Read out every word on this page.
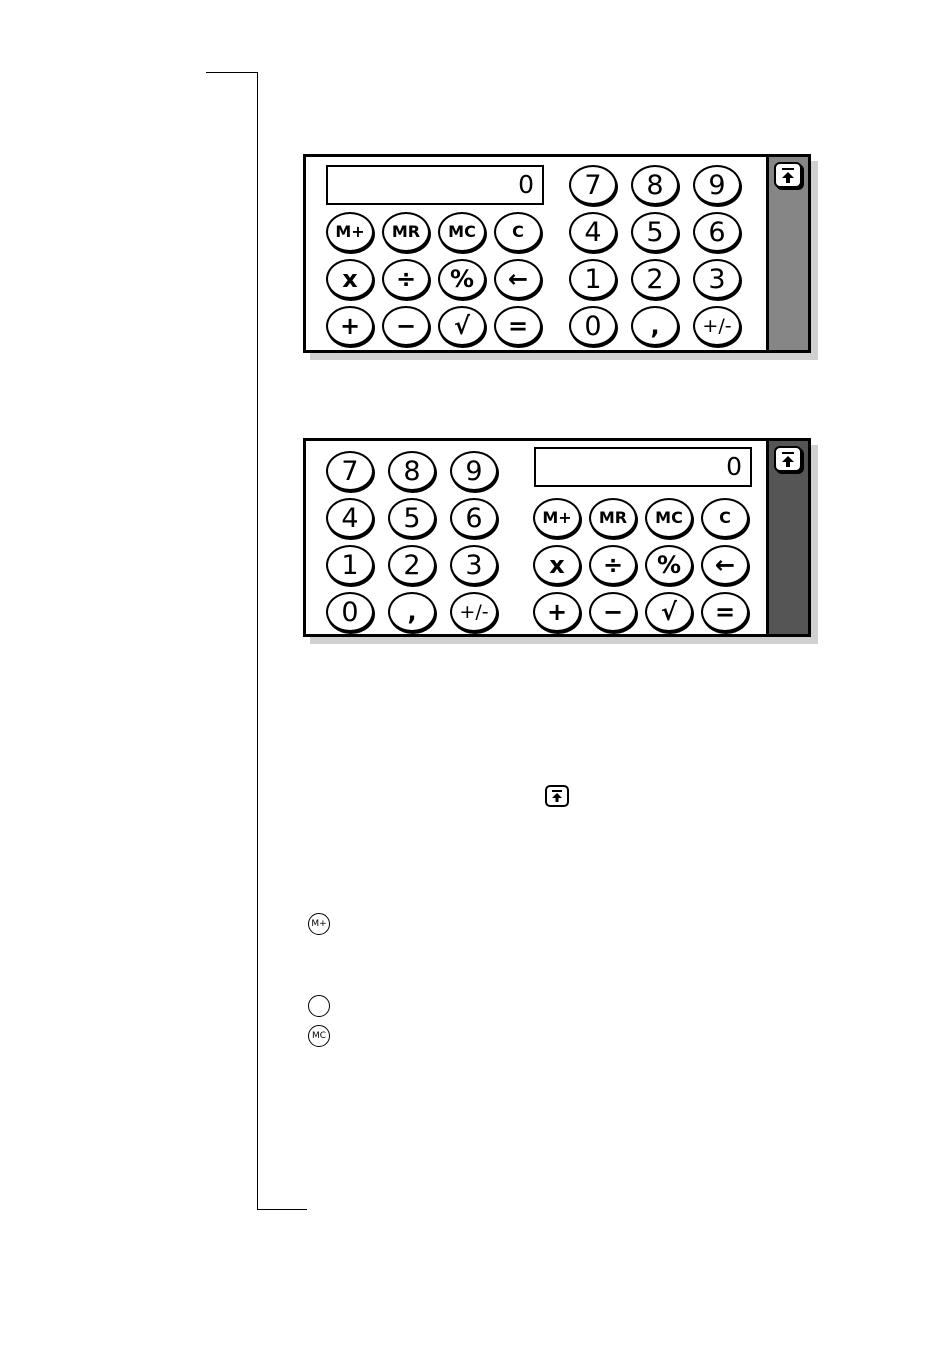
0
M+	MR	MC	C
x	÷	%	←
+	−	√	=
7	8	9
4	5	6
1	2	3
0	,	+/-
0
M+	MR	MC	C
x	÷	%	←
+	−	√	=
7	8	9
4	5	6
1	2	3
0	,	+/-
M+
MC
